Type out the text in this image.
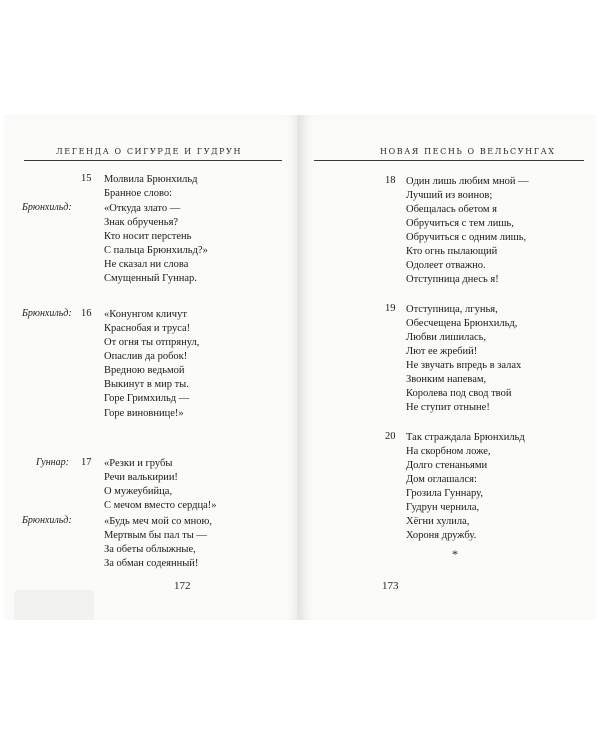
ЛЕГЕНДА О СИГУРДЕ И ГУДРУН
15 Молвила Брюнхильд
Бранное слово:
Брюнхильд:	«Откуда злато —
Знак обрученья?
Кто носит перстень
С пальца Брюнхильд?»
Не сказал ни слова
Смущенный Гуннар.
Брюнхильд: 16 «Конунгом кличут
Краснобая и труса!
От огня ты отпрянул,
Опаслив да робок!
Вредною ведьмой
Выкинут в мир ты.
Горе Гримхильд —
Горе виновнице!»
Гуннар: 17 «Резки и грубы
Речи валькирии!
О мужеубийца,
С мечом вместо сердца!»
Брюнхильд:	«Будь меч мой со мною,
Мертвым бы пал ты —
За обеты облыжные,
За обман содеянный!
172
НОВАЯ ПЕСНЬ О ВЕЛЬСУНГАХ
18 Один лишь любим мной —
Лучший из воинов;
Обещалась обетом я
Обручиться с тем лишь,
Обручиться с одним лишь,
Кто огнь пылающий
Одолеет отважно.
Отступница днесь я!
19 Отступница, лгунья,
Обесчещена Брюнхильд,
Любви лишилась,
Лют ее жребий!
Не звучать впредь в залах
Звонким напевам,
Королева под свод твой
Не ступит отныне!
20 Так страждала Брюнхильд
На скорбном ложе,
Долго стенаньями
Дом оглашался:
Грозила Гуннару,
Гудрун чернила,
Хёгни хулила,
Хороня дружбу.
*
173
